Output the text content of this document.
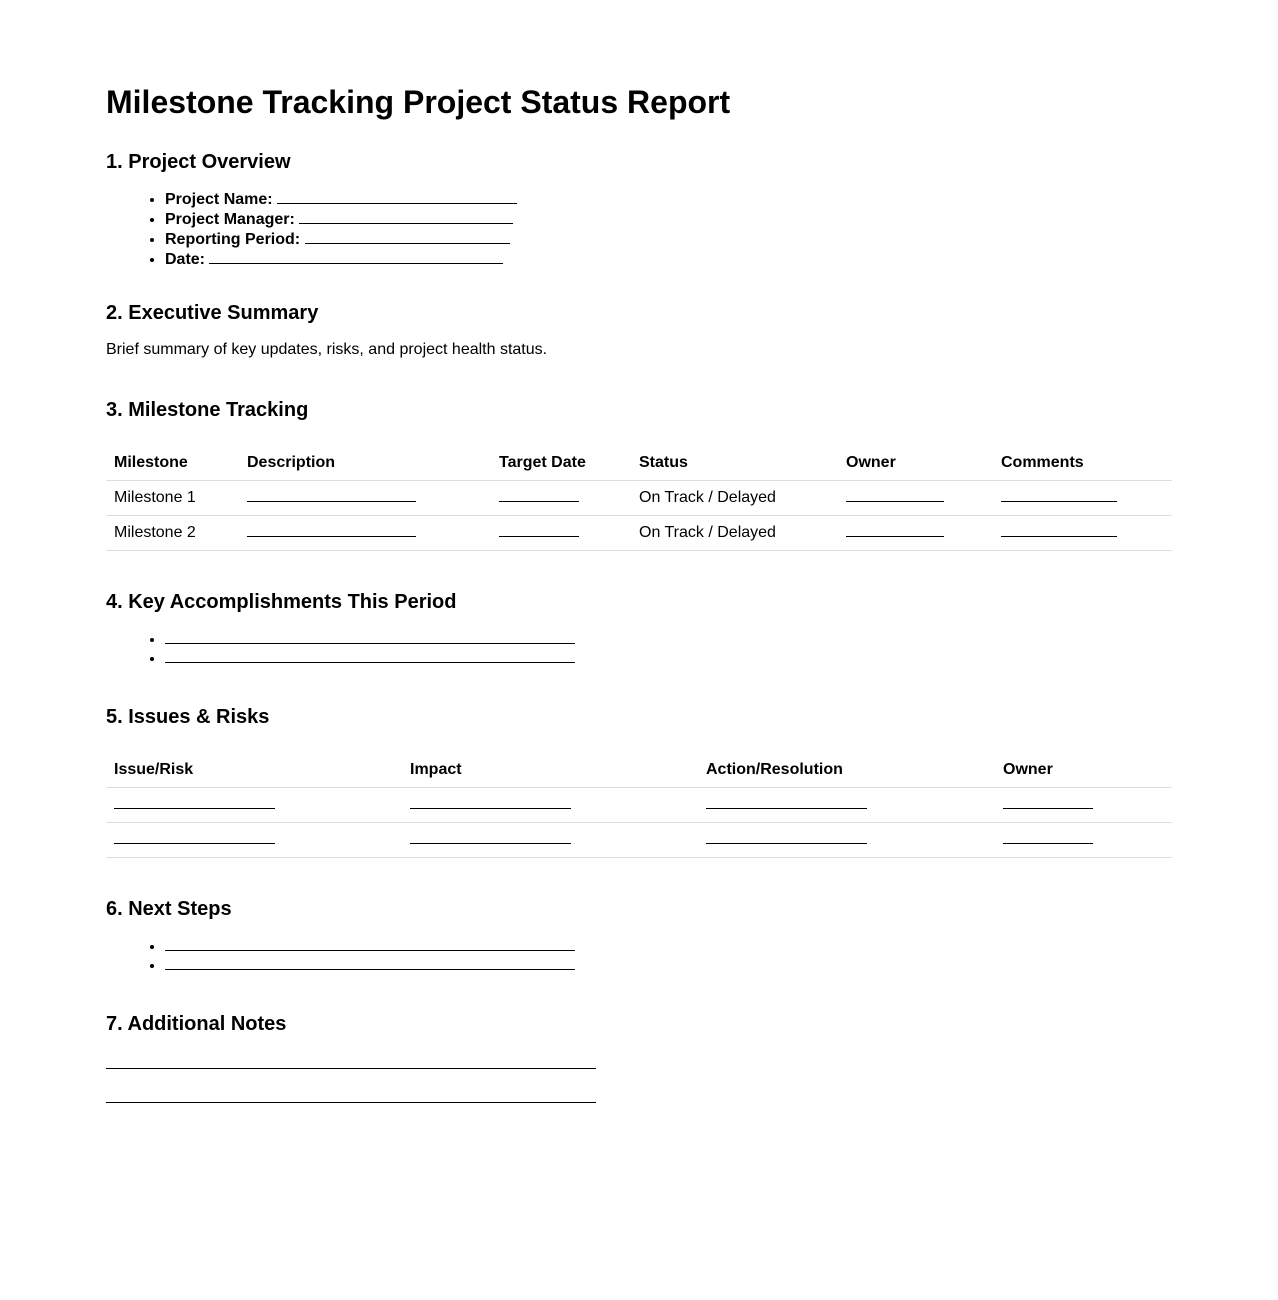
Milestone Tracking Project Status Report
1. Project Overview
• Project Name:
• Project Manager:
• Reporting Period:
• Date:
2. Executive Summary

Brief summary of key updates, risks, and project health status.

3. Milestone Tracking
Milestone	Description	Target Date	Status	Owner	Comments
Milestone 1			On Track / Delayed		
Milestone 2			On Track / Delayed		
4. Key Accomplishments This Period
•
•
5. Issues & Risks
Issue/Risk	Impact	Action/Resolution	Owner

6. Next Steps
•
•
7. Additional Notes
